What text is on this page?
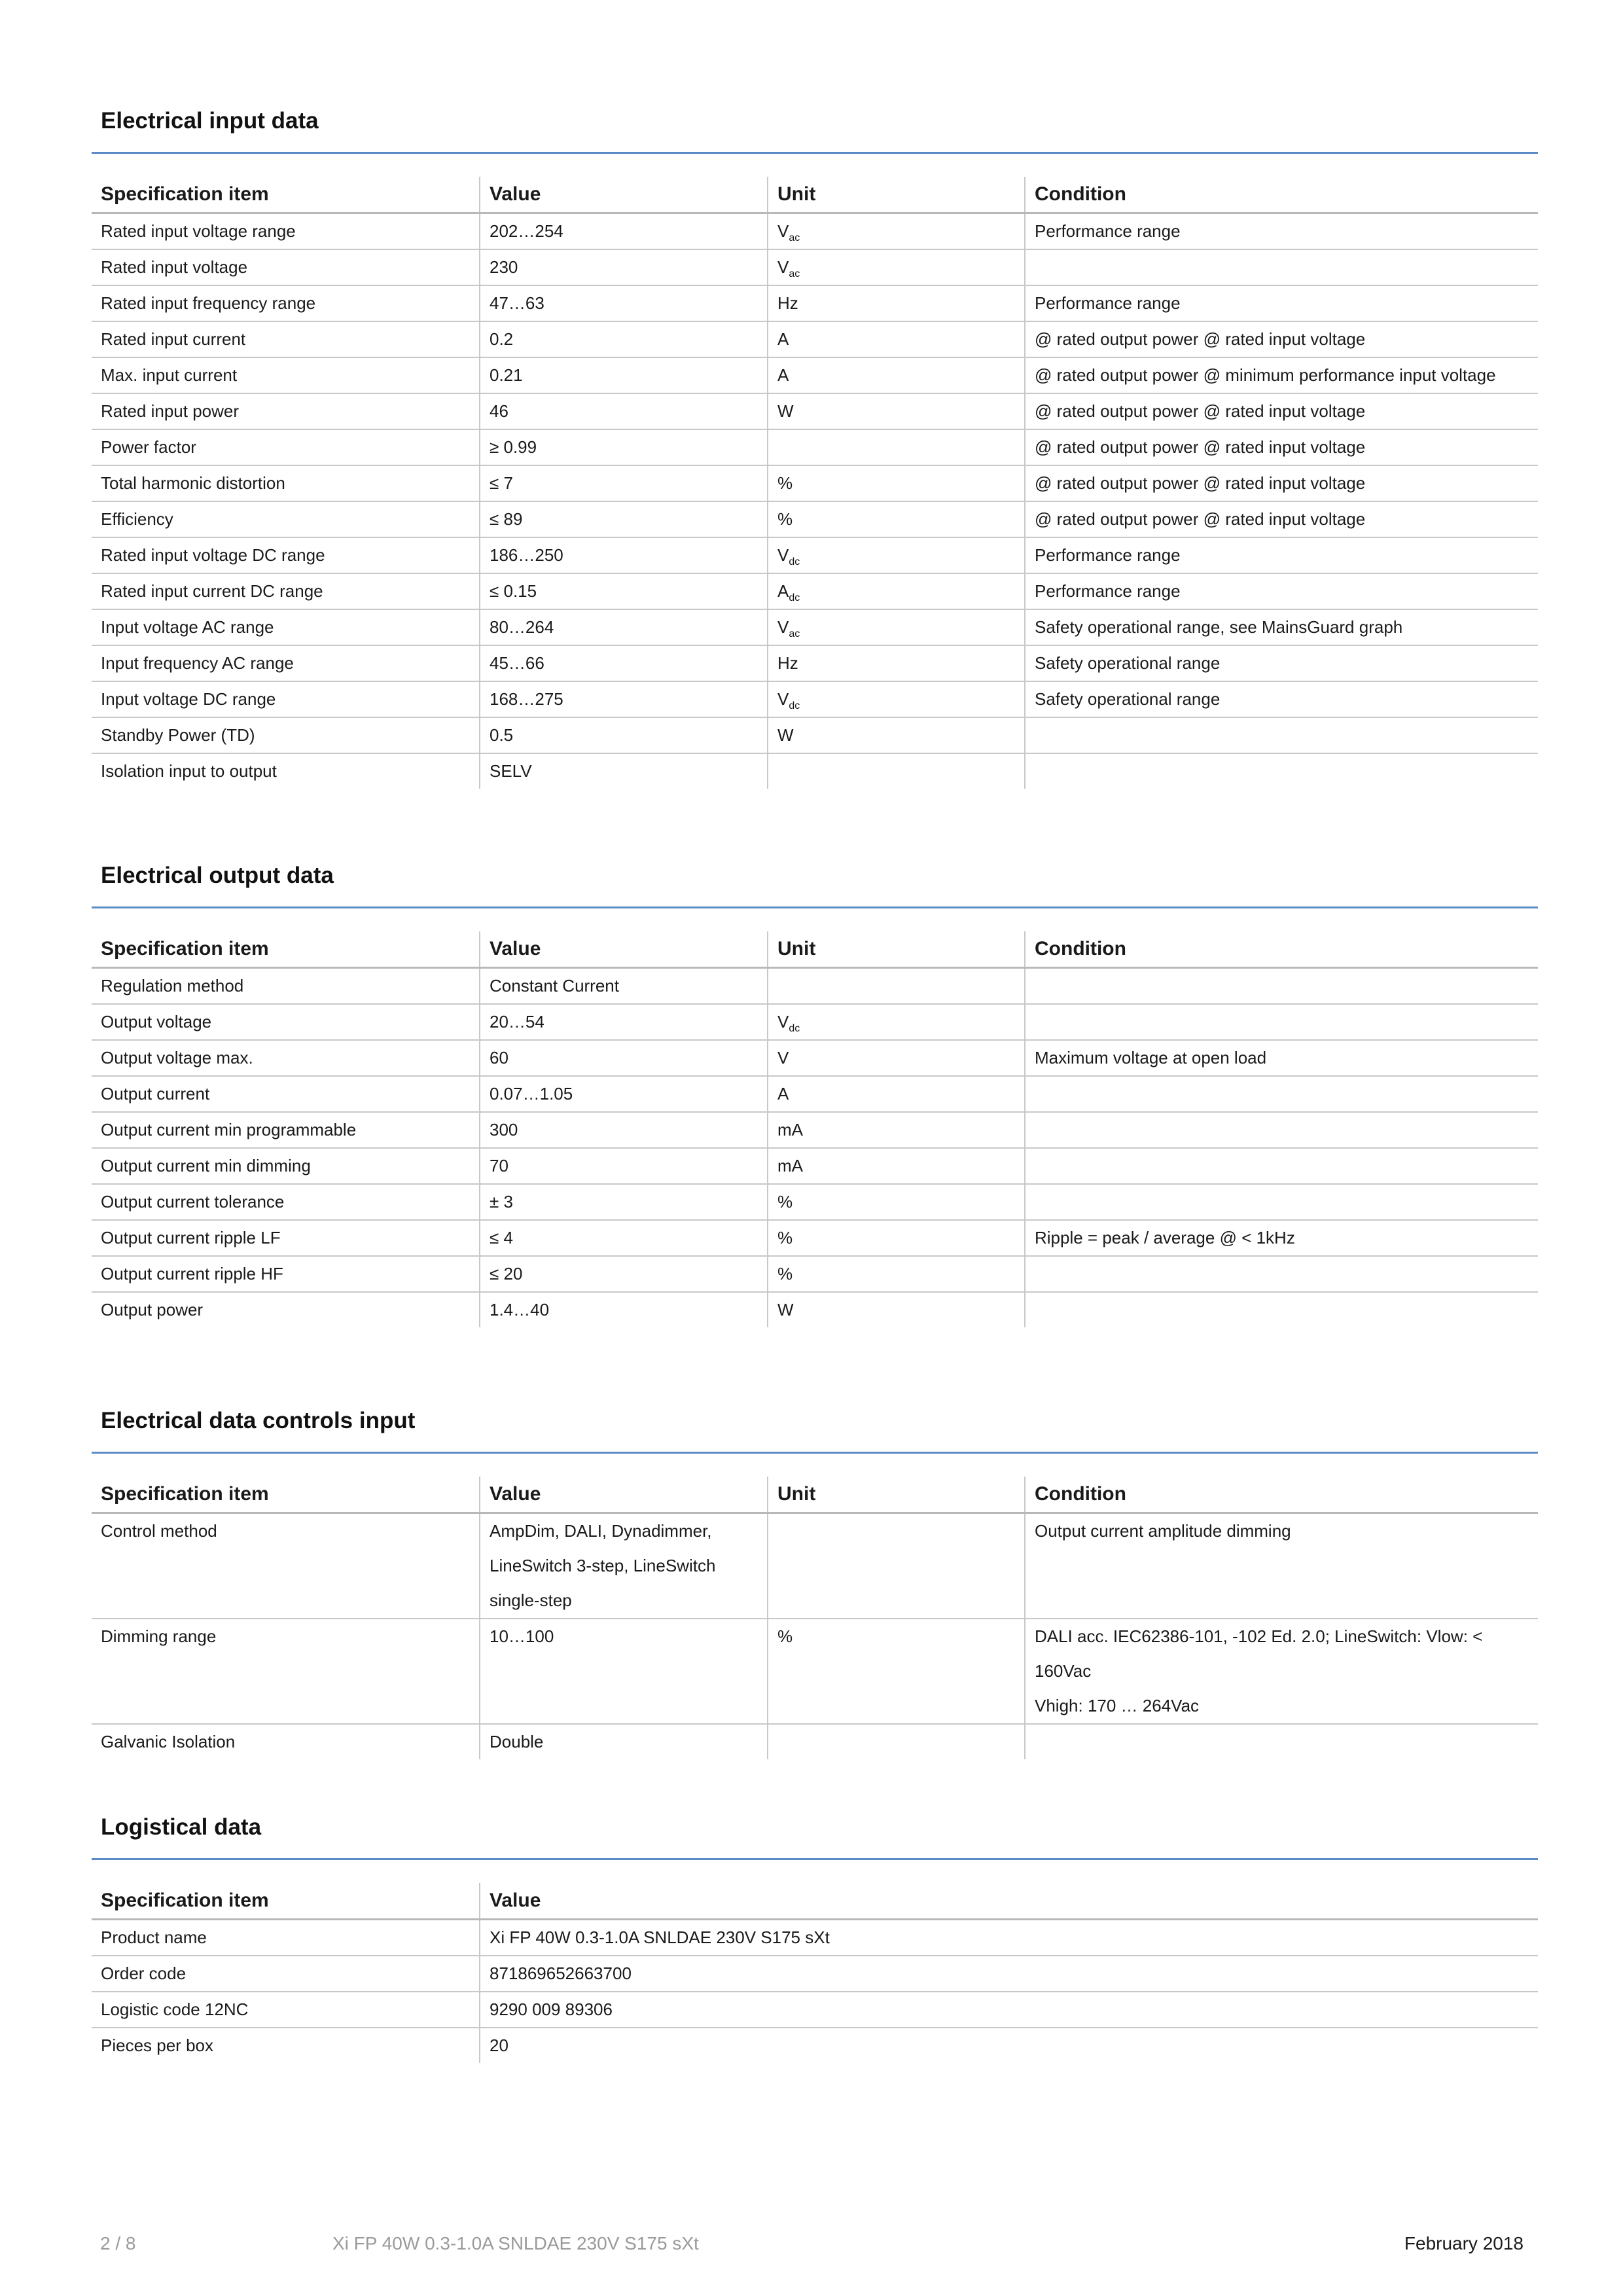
Electrical input data
Specification item	Value	Unit	Condition
Rated input voltage range	202…254	$V_{ac}$	Performance range
Rated input voltage	230	$V_{ac}$	
Rated input frequency range	47…63	Hz	Performance range
Rated input current	0.2	A	@ rated output power @ rated input voltage
Max. input current	0.21	A	@ rated output power @ minimum performance input voltage
Rated input power	46	W	@ rated output power @ rated input voltage
Power factor	≥ 0.99		@ rated output power @ rated input voltage
Total harmonic distortion	≤ 7	%	@ rated output power @ rated input voltage
Efficiency	≤ 89	%	@ rated output power @ rated input voltage
Rated input voltage DC range	186…250	$V_{dc}$	Performance range
Rated input current DC range	≤ 0.15	$A_{dc}$	Performance range
Input voltage AC range	80…264	$V_{ac}$	Safety operational range, see MainsGuard graph
Input frequency AC range	45…66	Hz	Safety operational range
Input voltage DC range	168…275	$V_{dc}$	Safety operational range
Standby Power (TD)	0.5	W	
Isolation input to output	SELV		
Electrical output data
Specification item	Value	Unit	Condition
Regulation method	Constant Current		
Output voltage	20…54	$V_{dc}$	
Output voltage max.	60	V	Maximum voltage at open load
Output current	0.07…1.05	A	
Output current min programmable	300	mA	
Output current min dimming	70	mA	
Output current tolerance	± 3	%	
Output current ripple LF	≤ 4	%	Ripple = peak / average @ < 1kHz
Output current ripple HF	≤ 20	%	
Output power	1.4…40	W	
Electrical data controls input
Specification item	Value	Unit	Condition
Control method	AmpDim, DALI, Dynadimmer,
LineSwitch 3-step, LineSwitch
single-step		Output current amplitude dimming
Dimming range	10…100	%	DALI acc. IEC62386-101, -102 Ed. 2.0; LineSwitch: Vlow: < 160Vac
Vhigh: 170 … 264Vac
Galvanic Isolation	Double		
Logistical data
Specification item	Value
Product name	Xi FP 40W 0.3-1.0A SNLDAE 230V S175 sXt
Order code	871869652663700
Logistic code 12NC	9290 009 89306
Pieces per box	20
2 / 8	Xi FP 40W 0.3-1.0A SNLDAE 230V S175 sXt	February 2018
